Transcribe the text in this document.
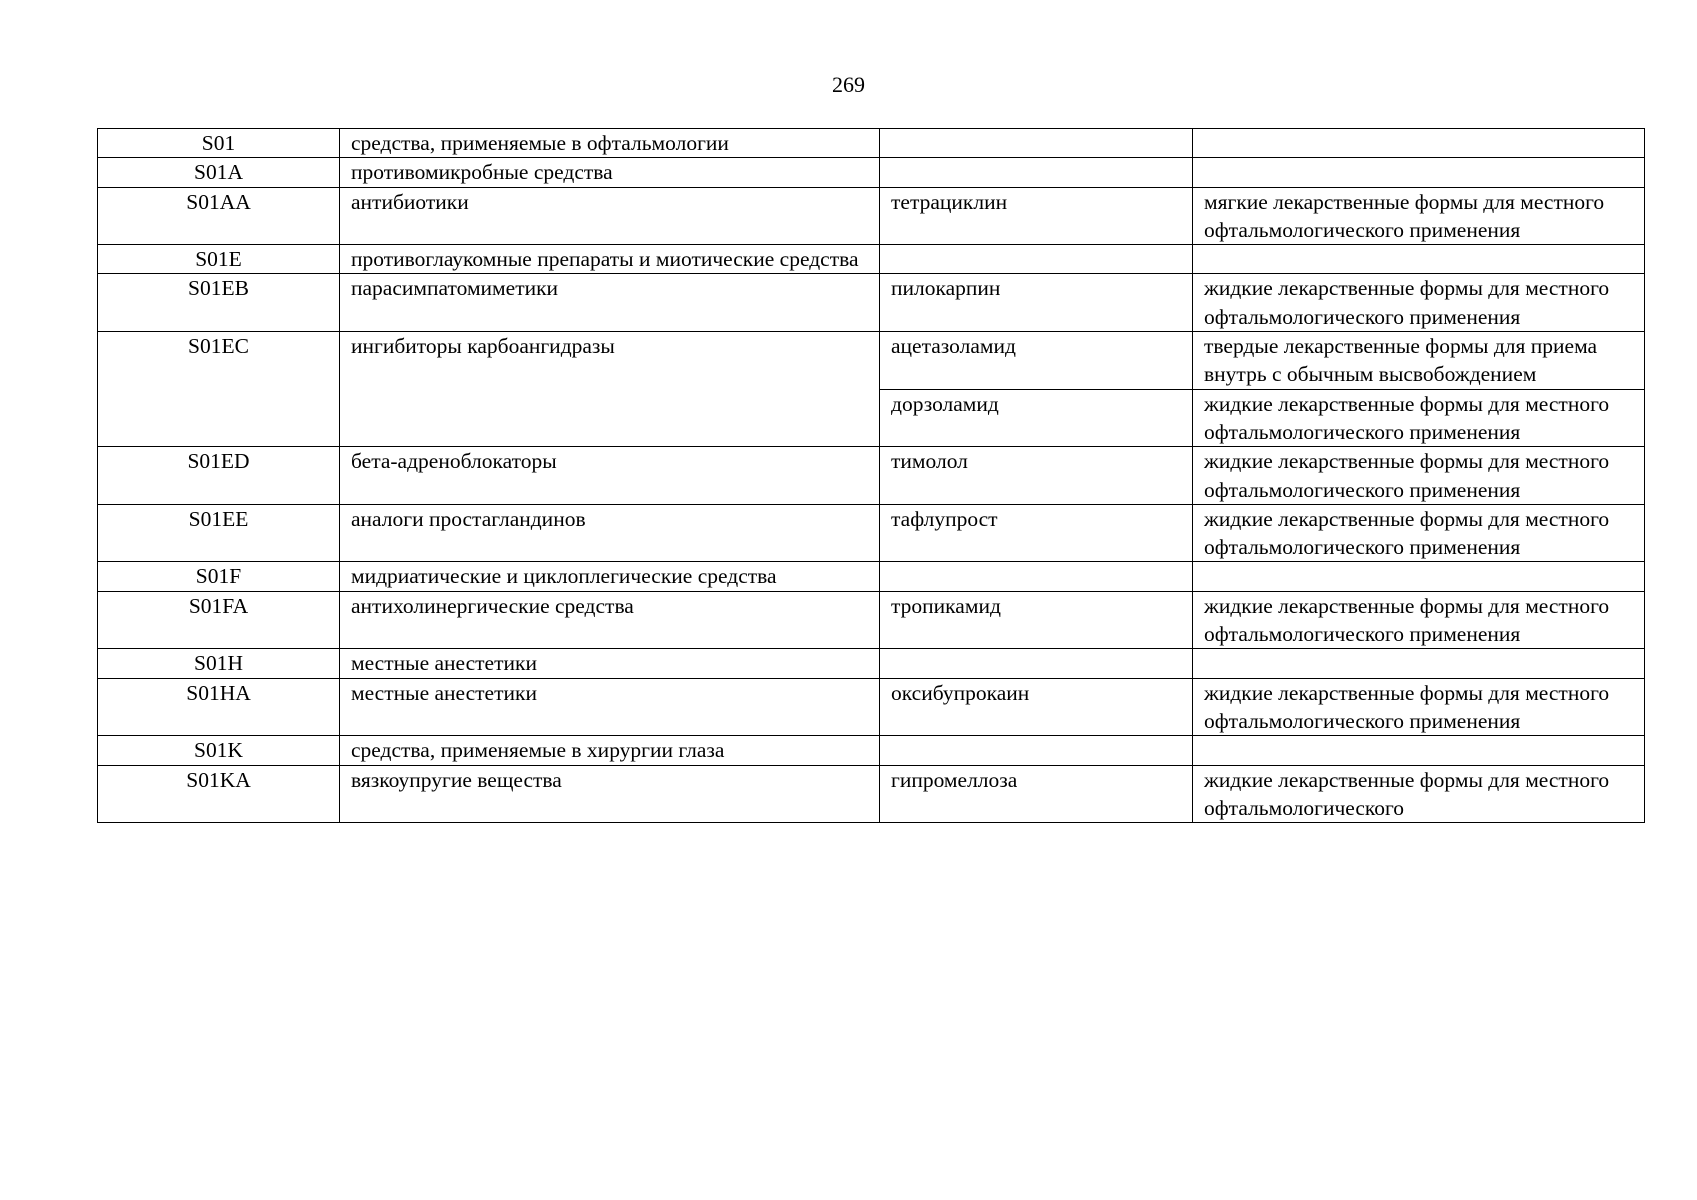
269
S01	средства, применяемые в офтальмологии		
S01A	противомикробные средства		
S01AA	антибиотики	тетрациклин	мягкие лекарственные формы для местного офтальмологического применения
S01E	противоглаукомные препараты и миотические средства		
S01EB	парасимпатомиметики	пилокарпин	жидкие лекарственные формы для местного офтальмологического применения
S01EC	ингибиторы карбоангидразы	ацетазоламид	твердые лекарственные формы для приема внутрь с обычным высвобождением
		дорзоламид	жидкие лекарственные формы для местного офтальмологического применения
S01ED	бета-адреноблокаторы	тимолол	жидкие лекарственные формы для местного офтальмологического применения
S01EE	аналоги простагландинов	тафлупрост	жидкие лекарственные формы для местного офтальмологического применения
S01F	мидриатические и циклоплегические средства		
S01FA	антихолинергические средства	тропикамид	жидкие лекарственные формы для местного офтальмологического применения
S01H	местные анестетики		
S01HA	местные анестетики	оксибупрокаин	жидкие лекарственные формы для местного офтальмологического применения
S01K	средства, применяемые в хирургии глаза		
S01KA	вязкоупругие вещества	гипромеллоза	жидкие лекарственные формы для местного офтальмологического
